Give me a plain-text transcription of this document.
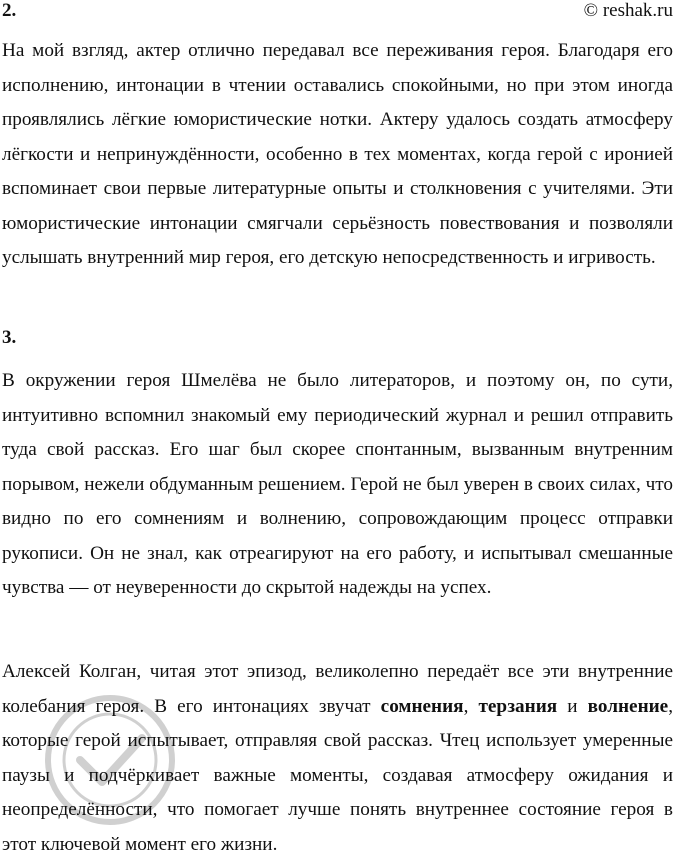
2.	© reshak.ru

На мой взгляд, актер отлично передавал все переживания героя. Благодаря его исполнению, интонации в чтении оставались спокойными, но при этом иногда проявлялись лёгкие юмористические нотки. Актеру удалось создать атмосферу лёгкости и непринуждённости, особенно в тех моментах, когда герой с иронией вспоминает свои первые литературные опыты и столкновения с учителями. Эти юмористические интонации смягчали серьёзность повествования и позволяли услышать внутренний мир героя, его детскую непосредственность и игривость.

3.

В окружении героя Шмелёва не было литераторов, и поэтому он, по сути, интуитивно вспомнил знакомый ему периодический журнал и решил отправить туда свой рассказ. Его шаг был скорее спонтанным, вызванным внутренним порывом, нежели обдуманным решением. Герой не был уверен в своих силах, что видно по его сомнениям и волнению, сопровождающим процесс отправки рукописи. Он не знал, как отреагируют на его работу, и испытывал смешанные чувства — от неуверенности до скрытой надежды на успех.

Алексей Колган, читая этот эпизод, великолепно передаёт все эти внутренние колебания героя. В его интонациях звучат сомнения, терзания и волнение, которые герой испытывает, отправляя свой рассказ. Чтец использует умеренные паузы и подчёркивает важные моменты, создавая атмосферу ожидания и неопределённости, что помогает лучше понять внутреннее состояние героя в этот ключевой момент его жизни.
